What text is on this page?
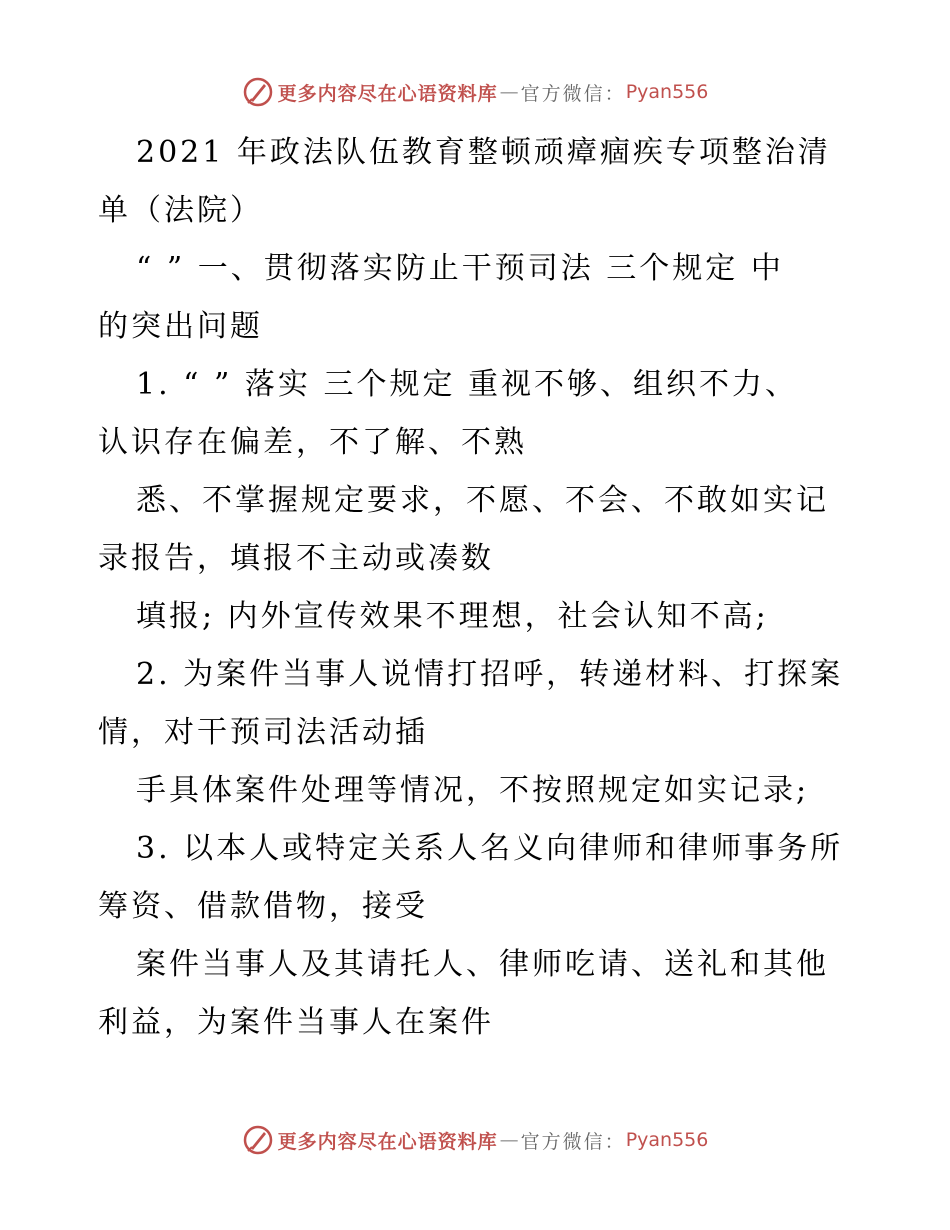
更多内容尽在心语资料库 — 官方微信： Pyan556
2021 年政法队伍教育整顿顽瘴痼疾专项整治清
单（法院）
“ ” 一、贯彻落实防止干预司法 三个规定 中
的突出问题
1. “ ” 落实 三个规定 重视不够、组织不力、
认识存在偏差，不了解、不熟
悉、不掌握规定要求，不愿、不会、不敢如实记
录报告，填报不主动或凑数
填报; 内外宣传效果不理想，社会认知不高;
2. 为案件当事人说情打招呼，转递材料、打探案
情，对干预司法活动插
手具体案件处理等情况，不按照规定如实记录;
3. 以本人或特定关系人名义向律师和律师事务所
筹资、借款借物，接受
案件当事人及其请托人、律师吃请、送礼和其他
利益，为案件当事人在案件
更多内容尽在心语资料库 — 官方微信： Pyan556
